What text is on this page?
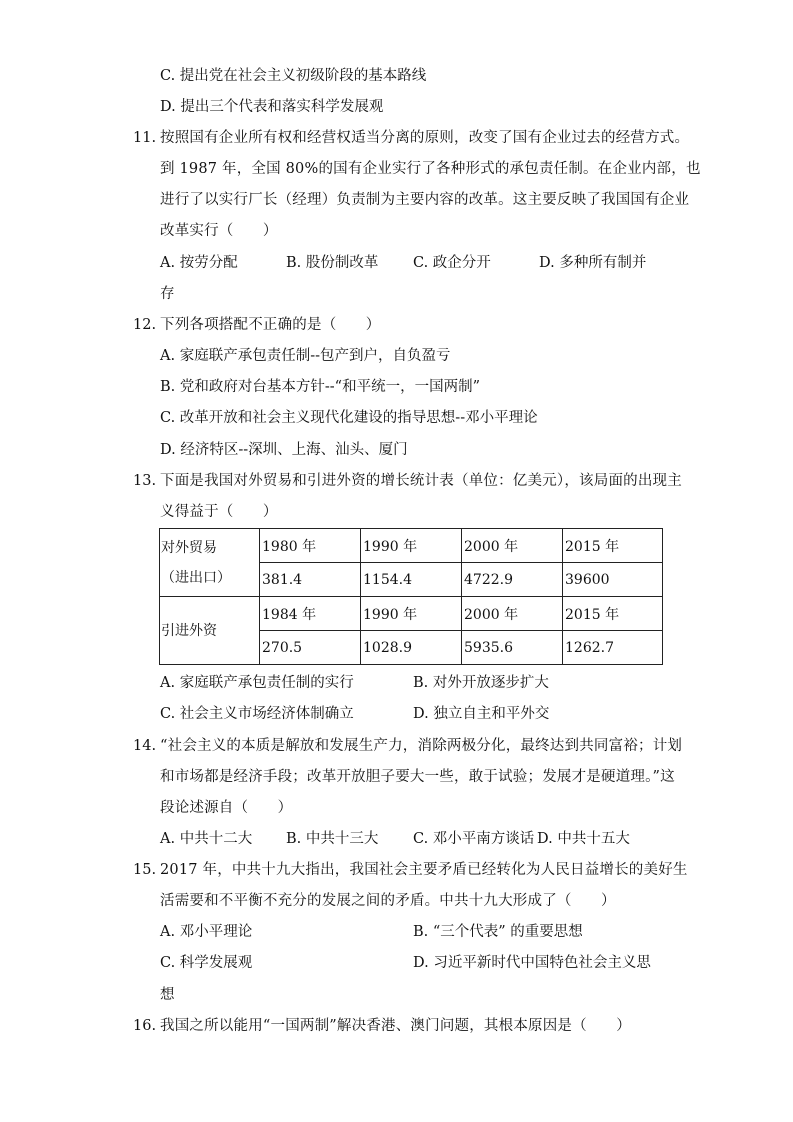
C. 提出党在社会主义初级阶段的基本路线
D. 提出三个代表和落实科学发展观
11. 按照国有企业所有权和经营权适当分离的原则，改变了国有企业过去的经营方式。
到 1987 年，全国 80%的国有企业实行了各种形式的承包责任制。在企业内部，也
进行了以实行厂长（经理）负责制为主要内容的改革。这主要反映了我国国有企业
改革实行（　　）
A. 按劳分配	B. 股份制改革 C. 政企分开	D. 多种所有制并
存
12. 下列各项搭配不正确的是（　　）
A. 家庭联产承包责任制--包产到户，自负盈亏
B. 党和政府对台基本方针--“和平统一，一国两制”
C. 改革开放和社会主义现代化建设的指导思想--邓小平理论
D. 经济特区--深圳、上海、汕头、厦门
13. 下面是我国对外贸易和引进外资的增长统计表（单位：亿美元），该局面的出现主
义得益于（　　）
对外贸易
（进出口）	1980 年	1990 年	2000 年	2015 年
	381.4	1154.4	4722.9	39600
引进外资	1984 年	1990 年	2000 年	2015 年
	270.5	1028.9	5935.6	1262.7
A. 家庭联产承包责任制的实行	B. 对外开放逐步扩大
C. 社会主义市场经济体制确立	D. 独立自主和平外交
14. “社会主义的本质是解放和发展生产力，消除两极分化，最终达到共同富裕；计划
和市场都是经济手段；改革开放胆子要大一些，敢于试验；发展才是硬道理。”这
段论述源自（　　）
A. 中共十二大 B. 中共十三大 C. 邓小平南方谈话 D. 中共十五大
15. 2017 年，中共十九大指出，我国社会主要矛盾已经转化为人民日益增长的美好生
活需要和不平衡不充分的发展之间的矛盾。中共十九大形成了（　　）
A. 邓小平理论	B. “三个代表” 的重要思想
C. 科学发展观	D. 习近平新时代中国特色社会主义思
想
16. 我国之所以能用“一国两制”解决香港、澳门问题，其根本原因是（　　）
